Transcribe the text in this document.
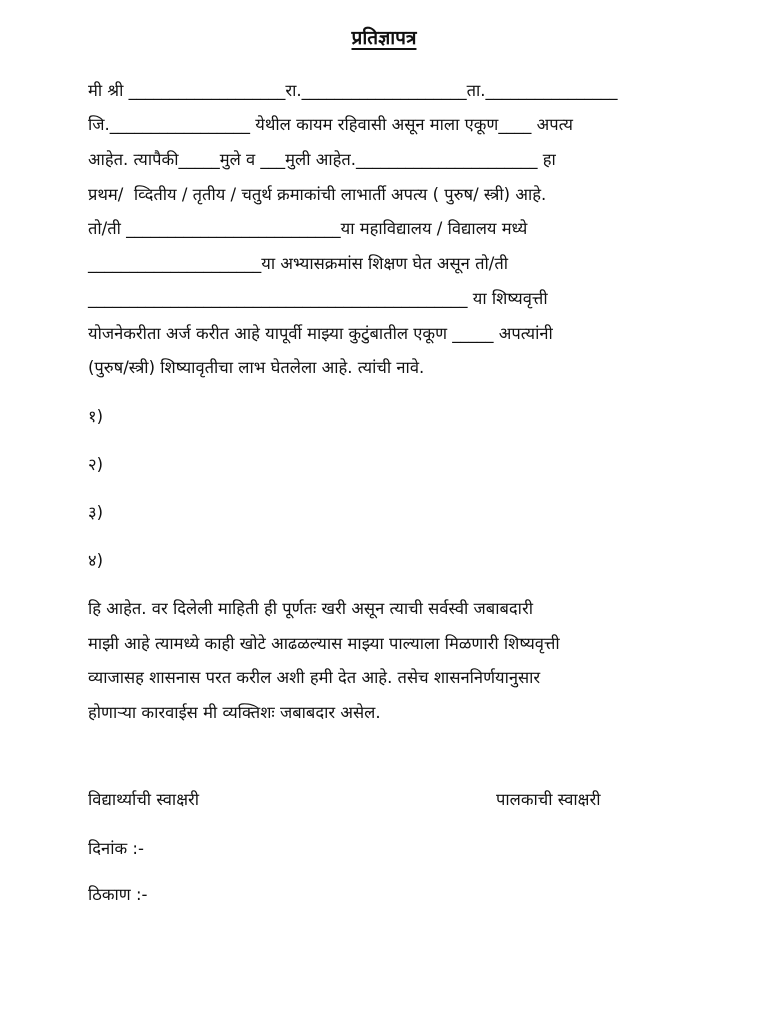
प्रतिज्ञापत्र
मी श्री ___________________रा.____________________ता.________________
जि._________________ येथील कायम रहिवासी असून माला एकूण____ अपत्य
आहेत. त्यापैकी_____मुले व ___मुली आहेत.______________________ हा
प्रथम/  व्दितीय / तृतीय / चतुर्थ क्रमाकांची लाभार्ती अपत्य ( पुरुष/ स्त्री) आहे.
तो/ती __________________________या महाविद्यालय / विद्यालय मध्ये
_____________________या अभ्यासक्रमांस शिक्षण घेत असून तो/ती
______________________________________________ या शिष्यवृत्ती
योजनेकरीता अर्ज करीत आहे यापूर्वी माझ्या कुटुंबातील एकूण _____ अपत्यांनी
(पुरुष/स्त्री) शिष्यावृतीचा लाभ घेतलेला आहे. त्यांची नावे.
१)
२)
३)
४)
हि आहेत. वर दिलेली माहिती ही पूर्णतः खरी असून त्याची सर्वस्वी जबाबदारी
माझी आहे त्यामध्ये काही खोटे आढळल्यास माझ्या पाल्याला मिळणारी शिष्यवृत्ती
व्याजासह शासनास परत करील अशी हमी देत आहे. तसेच शासननिर्णयानुसार
होणाऱ्या कारवाईस मी व्यक्तिशः जबाबदार असेल.
विद्यार्थ्याची स्वाक्षरी	पालकाची स्वाक्षरी
दिनांक :-
ठिकाण :-
